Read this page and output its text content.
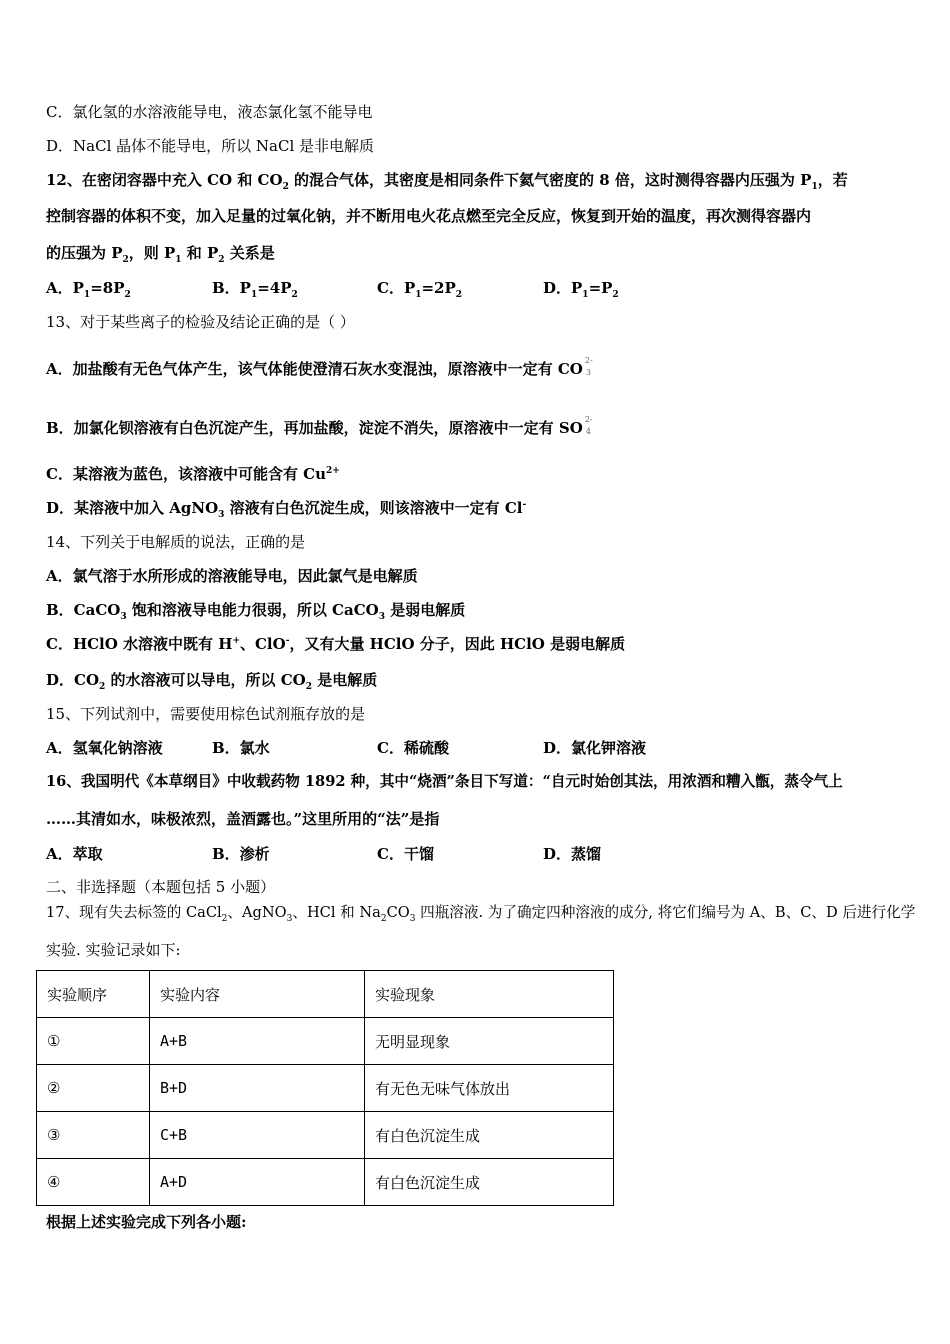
C．氯化氢的水溶液能导电，液态氯化氢不能导电
D．NaCl 晶体不能导电，所以 NaCl 是非电解质
12、在密闭容器中充入 CO 和 $CO_2$ 的混合气体，其密度是相同条件下氦气密度的 8 倍，这时测得容器内压强为 $P_1$，若
控制容器的体积不变，加入足量的过氧化钠，并不断用电火花点燃至完全反应，恢复到开始的温度，再次测得容器内
的压强为 $P_2$，则 $P_1$ 和 $P_2$ 关系是
A．$P_1=8P_2$	B．$P_1=4P_2$	C．$P_1=2P_2$	D．$P_1=P_2$
13、对于某些离子的检验及结论正确的是（ ）
A．加盐酸有无色气体产生，该气体能使澄清石灰水变混浊，原溶液中一定有 CO 2-
3
B．加氯化钡溶液有白色沉淀产生，再加盐酸，淀淀不消失，原溶液中一定有 SO 2-
4
C．某溶液为蓝色，该溶液中可能含有 $Cu^{2+}$
D．某溶液中加入 AgNO$_3$ 溶液有白色沉淀生成，则该溶液中一定有 Cl-
14、下列关于电解质的说法，正确的是
A．氯气溶于水所形成的溶液能导电，因此氯气是电解质
B．CaCO$_3$ 饱和溶液导电能力很弱，所以 CaCO$_3$ 是弱电解质
C．HClO 水溶液中既有 H+、ClO-，又有大量 HClO 分子，因此 HClO 是弱电解质
D．$CO_2$ 的水溶液可以导电，所以 $CO_2$ 是电解质
15、下列试剂中，需要使用棕色试剂瓶存放的是
A．氢氧化钠溶液	B．氯水	C．稀硫酸	D．氯化钾溶液
16、我国明代《本草纲目》中收载药物 1892 种，其中“烧酒”条目下写道：“自元时始创其法，用浓酒和糟入甑，蒸令气上
……其清如水，味极浓烈，盖酒露也。”这里所用的“法”是指
A．萃取	B．渗析	C．干馏	D．蒸馏
二、非选择题（本题包括 5 小题）
17、现有失去标签的 CaCl$_2$、AgNO$_3$、HCl 和 $Na_2CO_3$ 四瓶溶液. 为了确定四种溶液的成分, 将它们编号为 A、B、C、D 后进行化学
实验. 实验记录如下:
实验顺序	实验内容	实验现象
①	A+B	无明显现象
②	B+D	有无色无味气体放出
③	C+B	有白色沉淀生成
④	A+D	有白色沉淀生成
根据上述实验完成下列各小题:
